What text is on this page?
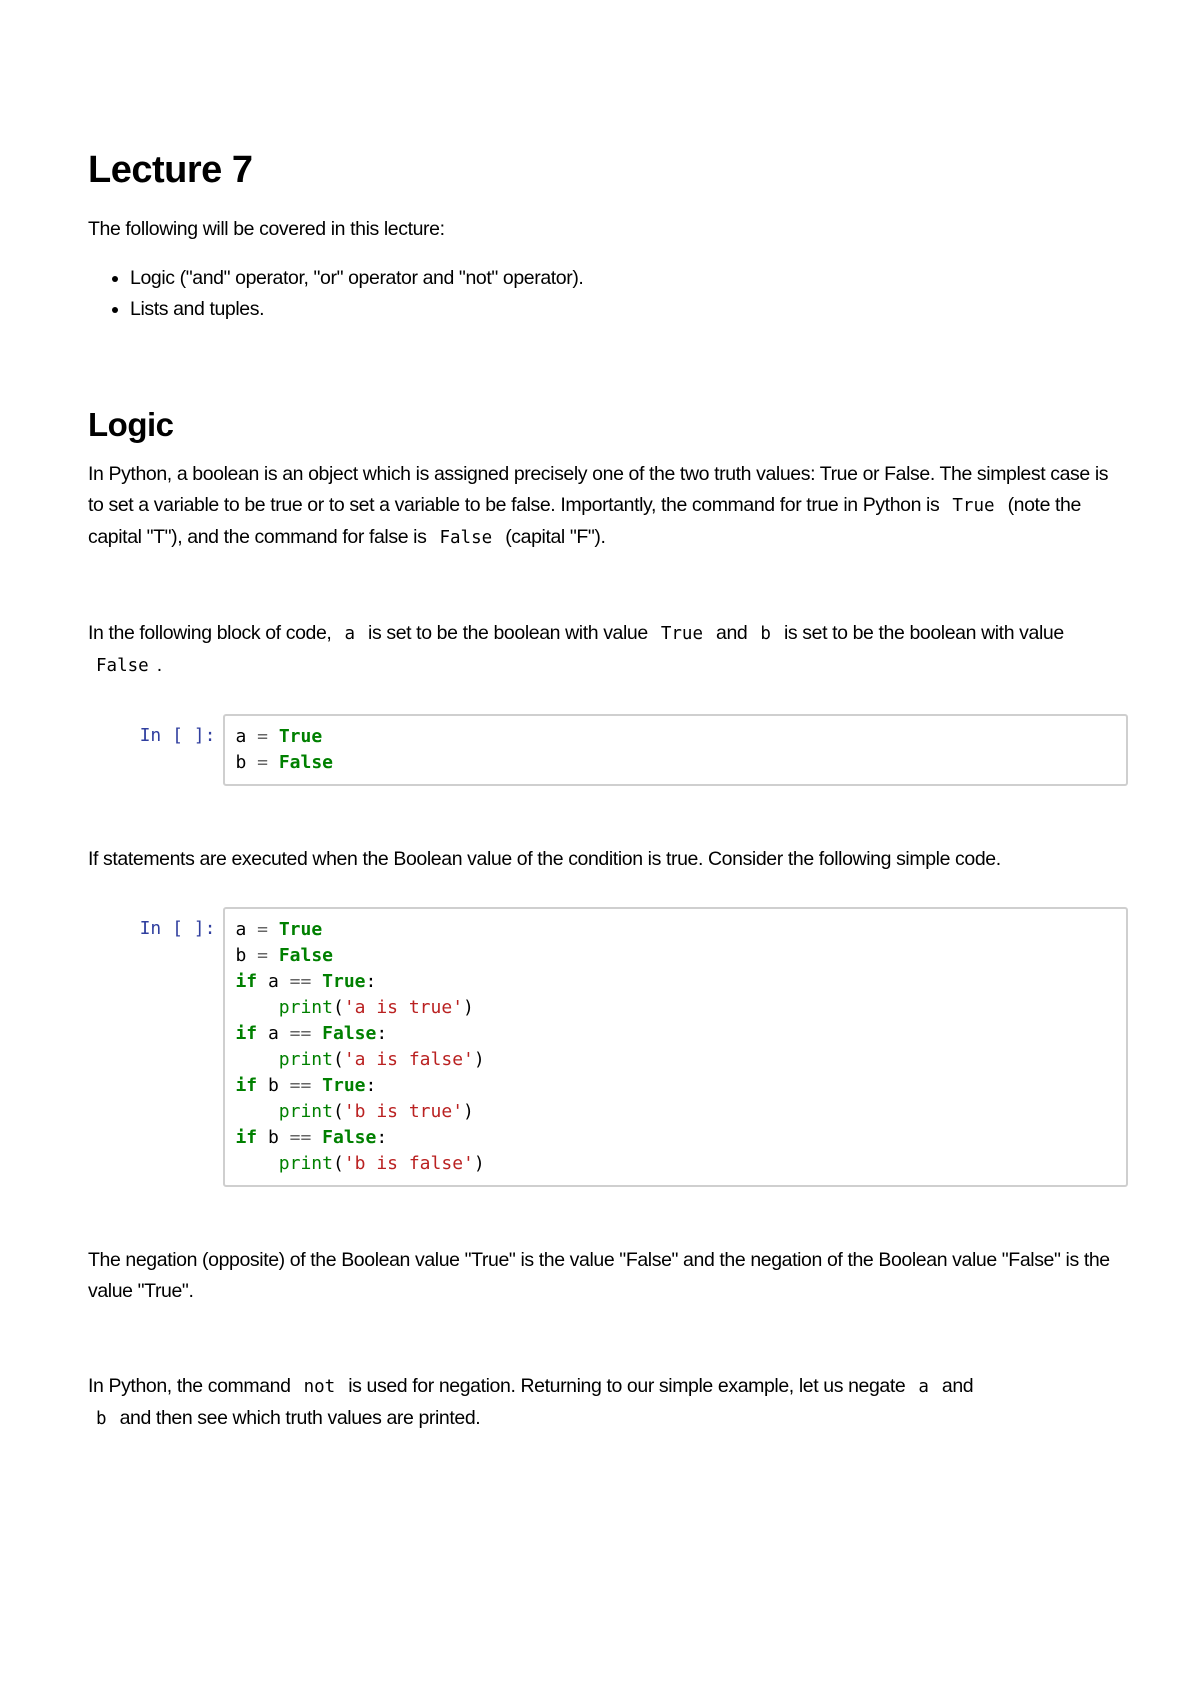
Lecture 7

The following will be covered in this lecture:

• Logic ("and" operator, "or" operator and "not" operator).
• Lists and tuples.
Logic

In Python, a boolean is an object which is assigned precisely one of the two truth values: True or False. The simplest case is to set a variable to be true or to set a variable to be false. Importantly, the command for true in Python is True (note the capital "T"), and the command for false is False (capital "F").

In the following block of code, a is set to be the boolean with value True and b is set to be the boolean with value False .

In [ ]:	a = True
b = False

If statements are executed when the Boolean value of the condition is true. Consider the following simple code.

In [ ]:	a = True
b = False
if a == True:
print('a is true')
if a == False:
print('a is false')
if b == True:
print('b is true')
if b == False:
print('b is false')

The negation (opposite) of the Boolean value "True" is the value "False" and the negation of the Boolean value "False" is the value "True".

In Python, the command not is used for negation. Returning to our simple example, let us negate a and
b and then see which truth values are printed.
